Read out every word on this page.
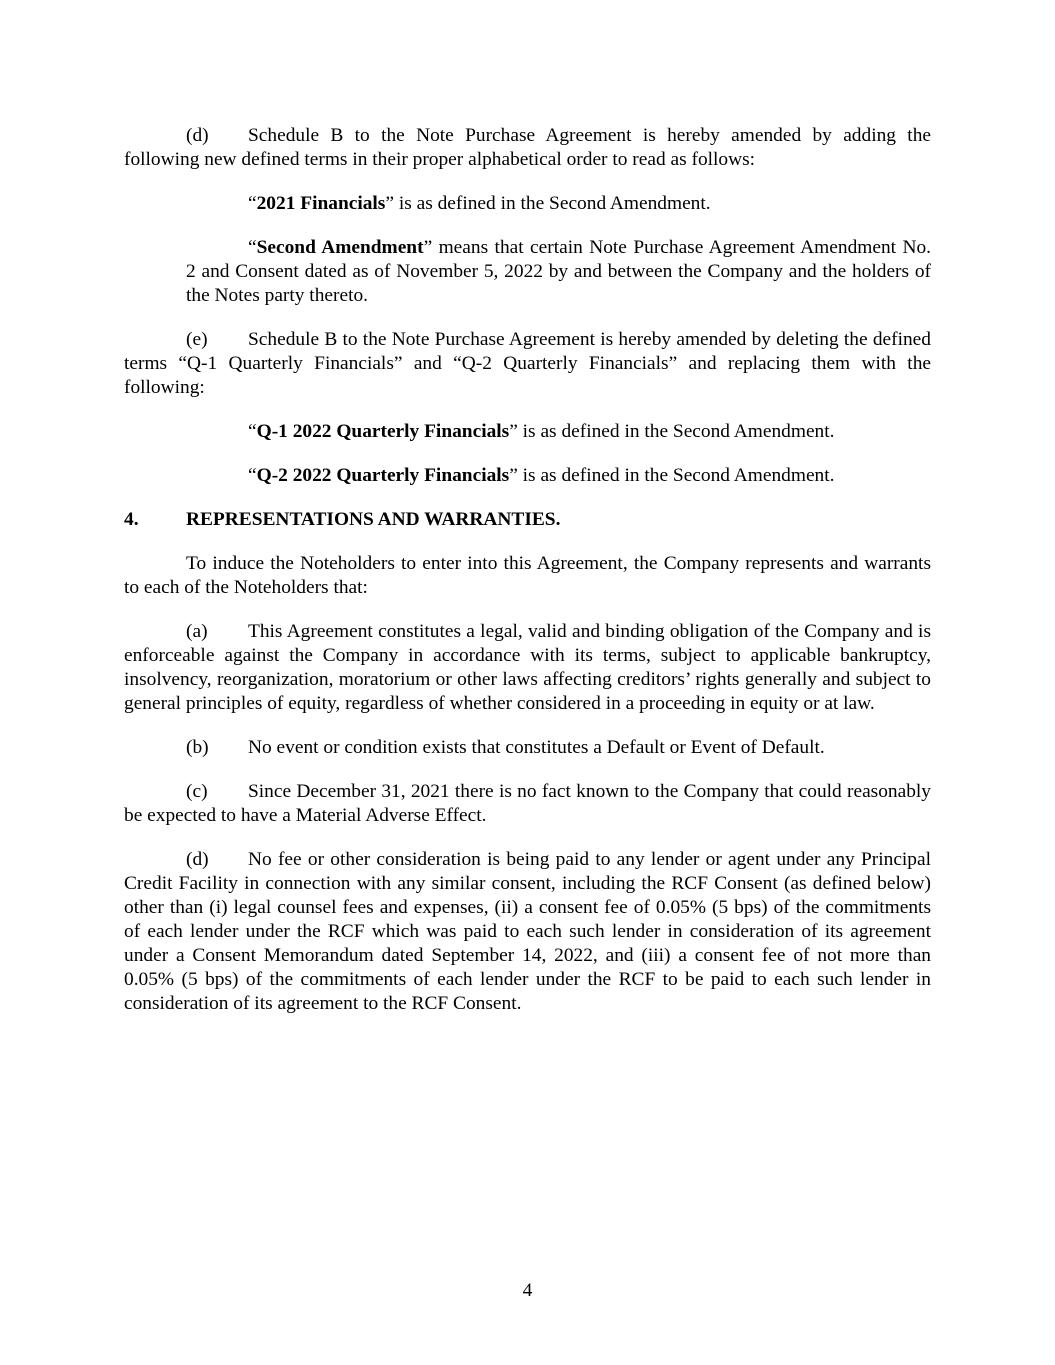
(d) Schedule B to the Note Purchase Agreement is hereby amended by adding the following new defined terms in their proper alphabetical order to read as follows:

“2021 Financials” is as defined in the Second Amendment.

“Second Amendment” means that certain Note Purchase Agreement Amendment No. 2 and Consent dated as of November 5, 2022 by and between the Company and the holders of the Notes party thereto.

(e) Schedule B to the Note Purchase Agreement is hereby amended by deleting the defined terms “Q-1 Quarterly Financials” and “Q-2 Quarterly Financials” and replacing them with the following:

“Q-1 2022 Quarterly Financials” is as defined in the Second Amendment.

“Q-2 2022 Quarterly Financials” is as defined in the Second Amendment.

4. REPRESENTATIONS AND WARRANTIES.

To induce the Noteholders to enter into this Agreement, the Company represents and warrants to each of the Noteholders that:

(a) This Agreement constitutes a legal, valid and binding obligation of the Company and is enforceable against the Company in accordance with its terms, subject to applicable bankruptcy, insolvency, reorganization, moratorium or other laws affecting creditors’ rights generally and subject to general principles of equity, regardless of whether considered in a proceeding in equity or at law.

(b) No event or condition exists that constitutes a Default or Event of Default.

(c) Since December 31, 2021 there is no fact known to the Company that could reasonably be expected to have a Material Adverse Effect.

(d) No fee or other consideration is being paid to any lender or agent under any Principal Credit Facility in connection with any similar consent, including the RCF Consent (as defined below) other than (i) legal counsel fees and expenses, (ii) a consent fee of 0.05% (5 bps) of the commitments of each lender under the RCF which was paid to each such lender in consideration of its agreement under a Consent Memorandum dated September 14, 2022, and (iii) a consent fee of not more than 0.05% (5 bps) of the commitments of each lender under the RCF to be paid to each such lender in consideration of its agreement to the RCF Consent.

4
